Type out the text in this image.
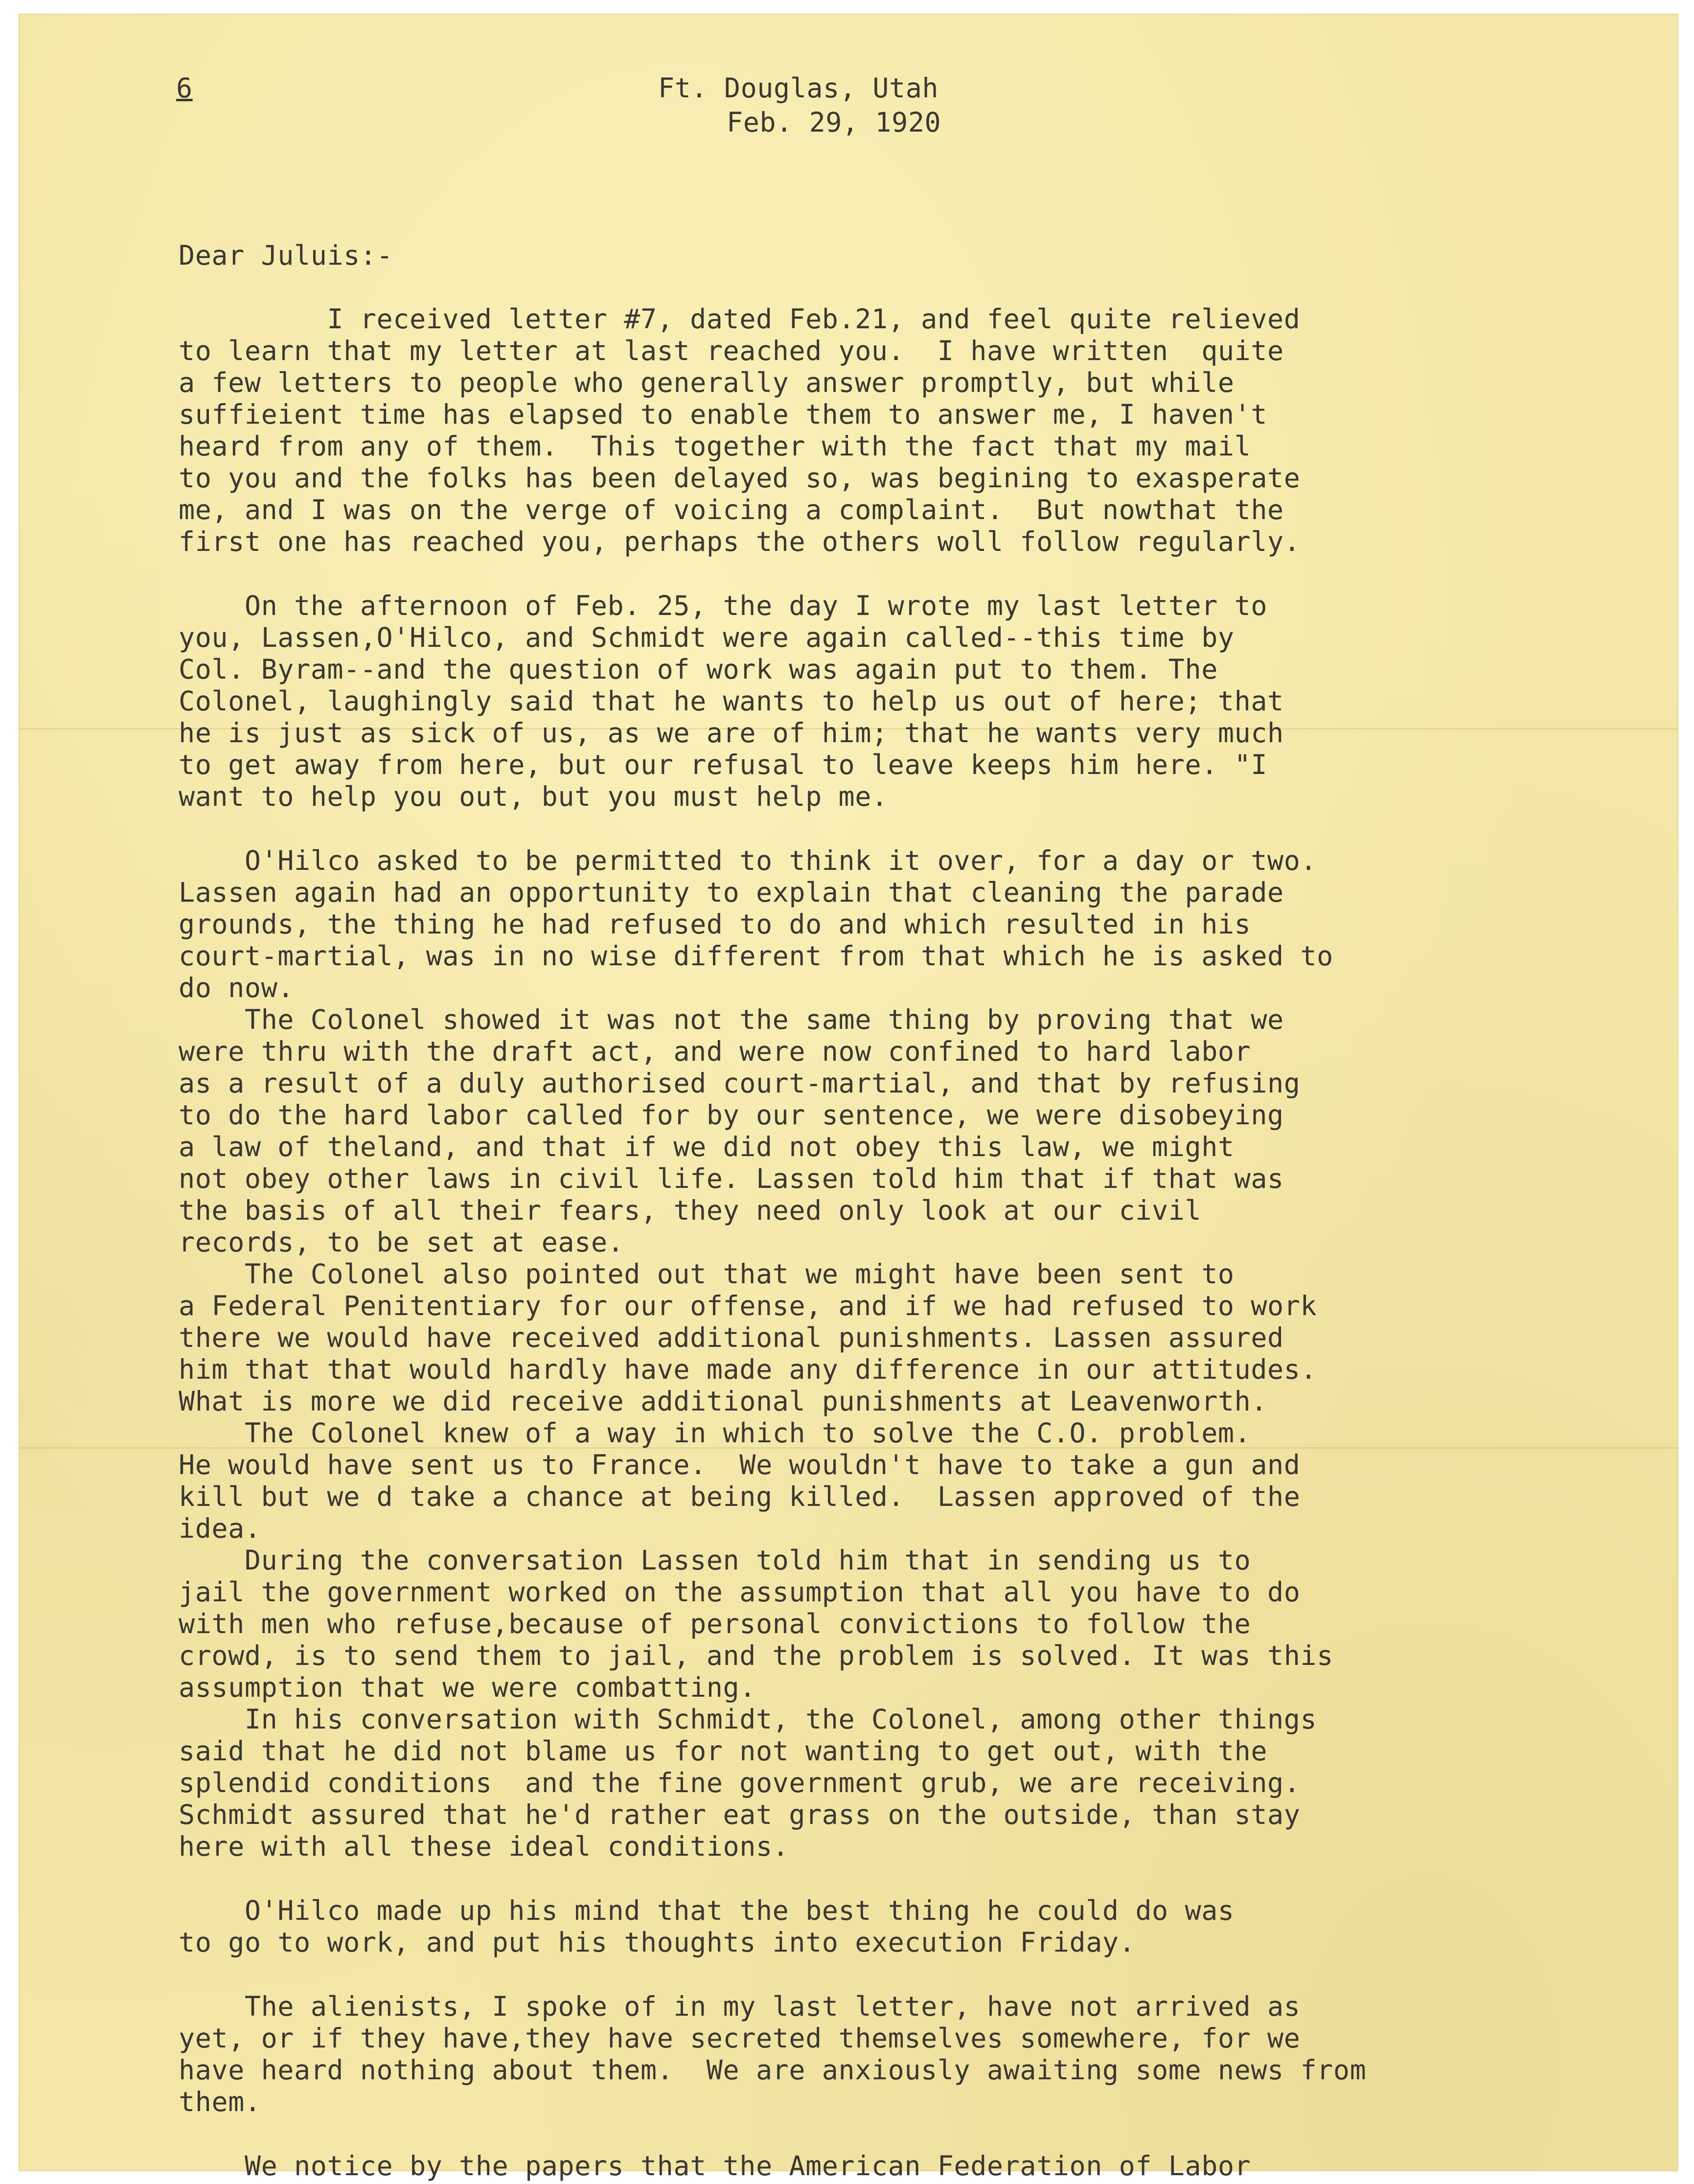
6	Ft. Douglas, Utah
Feb. 29, 1920

Dear Juluis:-

I received letter #7, dated Feb.21, and feel quite relieved
to learn that my letter at last reached you.  I have written  quite
a few letters to people who generally answer promptly, but while
suffieient time has elapsed to enable them to answer me, I haven't
heard from any of them.  This together with the fact that my mail
to you and the folks has been delayed so, was begining to exasperate
me, and I was on the verge of voicing a complaint.  But nowthat the
first one has reached you, perhaps the others woll follow regularly.
On the afternoon of Feb. 25, the day I wrote my last letter to
you, Lassen,O'Hilco, and Schmidt were again called--this time by
Col. Byram--and the question of work was again put to them. The
Colonel, laughingly said that he wants to help us out of here; that
he is just as sick of us, as we are of him; that he wants very much
to get away from here, but our refusal to leave keeps him here. "I
want to help you out, but you must help me.
O'Hilco asked to be permitted to think it over, for a day or two.
Lassen again had an opportunity to explain that cleaning the parade
grounds, the thing he had refused to do and which resulted in his
court-martial, was in no wise different from that which he is asked to
do now.
The Colonel showed it was not the same thing by proving that we
were thru with the draft act, and were now confined to hard labor
as a result of a duly authorised court-martial, and that by refusing
to do the hard labor called for by our sentence, we were disobeying
a law of theland, and that if we did not obey this law, we might
not obey other laws in civil life. Lassen told him that if that was
the basis of all their fears, they need only look at our civil
records, to be set at ease.
The Colonel also pointed out that we might have been sent to
a Federal Penitentiary for our offense, and if we had refused to work
there we would have received additional punishments. Lassen assured
him that that would hardly have made any difference in our attitudes.
What is more we did receive additional punishments at Leavenworth.
The Colonel knew of a way in which to solve the C.O. problem.
He would have sent us to France.  We wouldn't have to take a gun and
kill but we d take a chance at being killed.  Lassen approved of the
idea.
During the conversation Lassen told him that in sending us to
jail the government worked on the assumption that all you have to do
with men who refuse,because of personal convictions to follow the
crowd, is to send them to jail, and the problem is solved. It was this
assumption that we were combatting.
In his conversation with Schmidt, the Colonel, among other things
said that he did not blame us for not wanting to get out, with the
splendid conditions  and the fine government grub, we are receiving.
Schmidt assured that he'd rather eat grass on the outside, than stay
here with all these ideal conditions.
O'Hilco made up his mind that the best thing he could do was
to go to work, and put his thoughts into execution Friday.
The alienists, I spoke of in my last letter, have not arrived as
yet, or if they have,they have secreted themselves somewhere, for we
have heard nothing about them.  We are anxiously awaiting some news from
them.
We notice by the papers that the American Federation of Labor
